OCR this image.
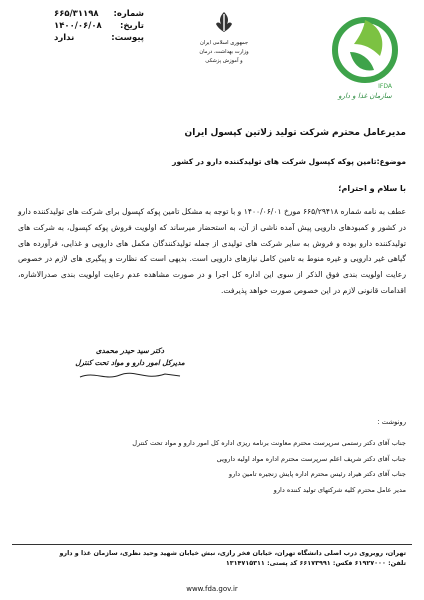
شماره:
۶۶۵/۳۱۱۹۸
تاریخ:
۱۴۰۰/۰۶/۰۸
پیوست:
ندارد	جمهوری اسلامی ایران
وزارت بهداشت، درمان
و آموزش پزشکی
IFDA
سازمان غذا و دارو
مدیرعامل محترم شرکت تولید زلاتین کپسول ایران
موضوع:تامین پوکه کپسول شرکت های تولیدکننده دارو در کشور
با سلام و احترام؛
عطف به نامه شماره ۶۶۵/۲۹۴۱۸ مورخ ۱۴۰۰/۰۶/۰۱ و با توجه به مشکل تامین پوکه کپسول برای شرکت های تولیدکننده دارو در کشور و کمبودهای دارویی پیش آمده ناشی از آن، به استحضار میرساند که اولویت فروش پوکه کپسول، به شرکت های تولیدکننده دارو بوده و فروش به سایر شرکت های تولیدی از جمله تولیدکنندگان مکمل های دارویی و غذایی، فرآورده های گیاهی غیر دارویی و غیره منوط به تامین کامل نیازهای دارویی است. بدیهی است که نظارت و پیگیری های لازم در خصوص رعایت اولویت بندی فوق الذکر از سوی این اداره کل اجرا و در صورت مشاهده عدم رعایت اولویت بندی صدرالاشاره، اقدامات قانونی لازم در این خصوص صورت خواهد پذیرفت.
دکتر سید حیدر محمدی
مدیرکل امور دارو و مواد تحت کنترل
رونوشت :
جناب آقای دکتر رستمی سرپرست محترم معاونت برنامه ریزی اداره کل امور دارو و مواد تحت کنترل
جناب آقای دکتر شریف اعلم سرپرست محترم اداره مواد اولیه دارویی
جناب آقای دکتر هیراد رئیس محترم اداره پایش زنجیره تامین دارو
مدیر عامل محترم کلیه شرکتهای تولید کننده دارو
تهران، روبروی درب اصلی دانشگاه تهران، خیابان فخر رازی، نبش خیابان شهید وحید نظری، سازمان غذا و دارو
تلفن: ۶۱۹۲۷۰۰۰ فکس: ۶۶۱۷۳۹۹۱ کد پستی: ۱۳۱۴۷۱۵۳۱۱
www.fda.gov.ir
